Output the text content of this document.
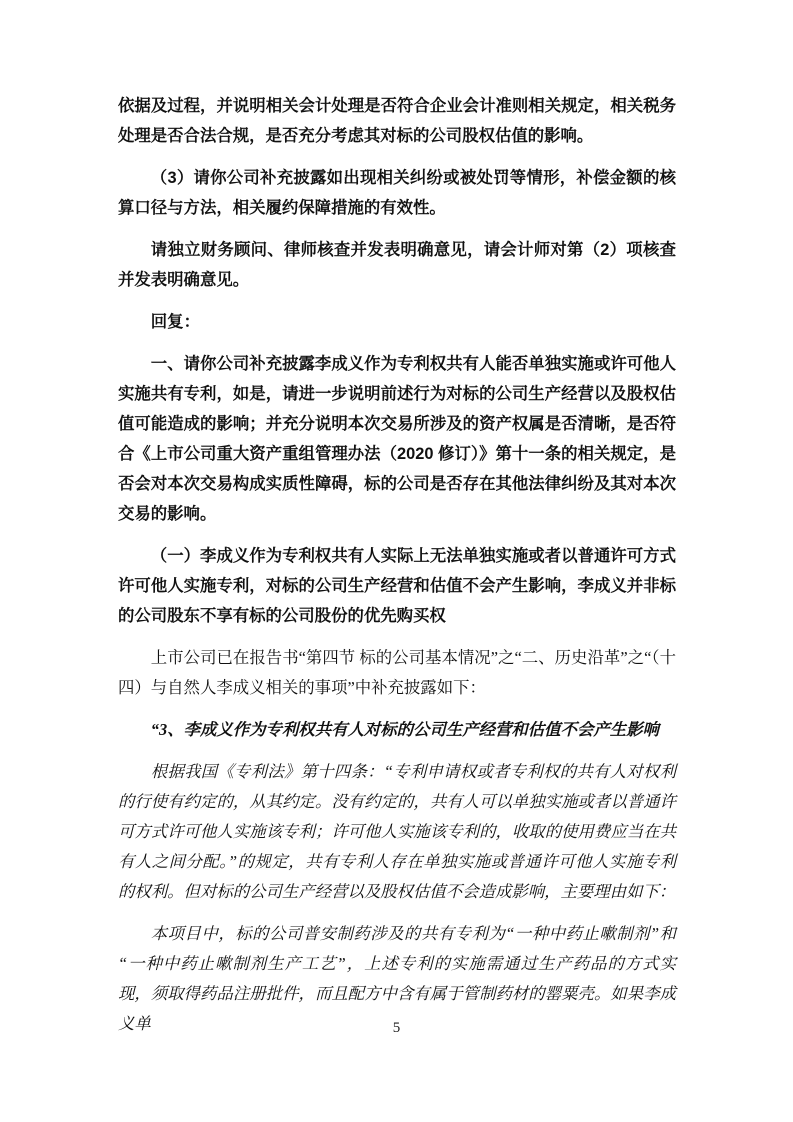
依据及过程，并说明相关会计处理是否符合企业会计准则相关规定，相关税务处理是否合法合规，是否充分考虑其对标的公司股权估值的影响。

（3）请你公司补充披露如出现相关纠纷或被处罚等情形，补偿金额的核算口径与方法，相关履约保障措施的有效性。

请独立财务顾问、律师核查并发表明确意见，请会计师对第（2）项核查并发表明确意见。

回复：

一、请你公司补充披露李成义作为专利权共有人能否单独实施或许可他人实施共有专利，如是，请进一步说明前述行为对标的公司生产经营以及股权估值可能造成的影响；并充分说明本次交易所涉及的资产权属是否清晰，是否符合《上市公司重大资产重组管理办法（2020 修订）》第十一条的相关规定，是否会对本次交易构成实质性障碍，标的公司是否存在其他法律纠纷及其对本次交易的影响。

（一）李成义作为专利权共有人实际上无法单独实施或者以普通许可方式许可他人实施专利，对标的公司生产经营和估值不会产生影响，李成义并非标的公司股东不享有标的公司股份的优先购买权

上市公司已在报告书“第四节 标的公司基本情况”之“二、历史沿革”之“（十四）与自然人李成义相关的事项”中补充披露如下：

“3、李成义作为专利权共有人对标的公司生产经营和估值不会产生影响

根据我国《专利法》第十四条：“专利申请权或者专利权的共有人对权利的行使有约定的，从其约定。没有约定的，共有人可以单独实施或者以普通许可方式许可他人实施该专利；许可他人实施该专利的，收取的使用费应当在共有人之间分配。”的规定，共有专利人存在单独实施或普通许可他人实施专利的权利。但对标的公司生产经营以及股权估值不会造成影响，主要理由如下：

本项目中，标的公司普安制药涉及的共有专利为“一种中药止嗽制剂”和“一种中药止嗽制剂生产工艺”，上述专利的实施需通过生产药品的方式实现，须取得药品注册批件，而且配方中含有属于管制药材的罂粟壳。如果李成义单	5
